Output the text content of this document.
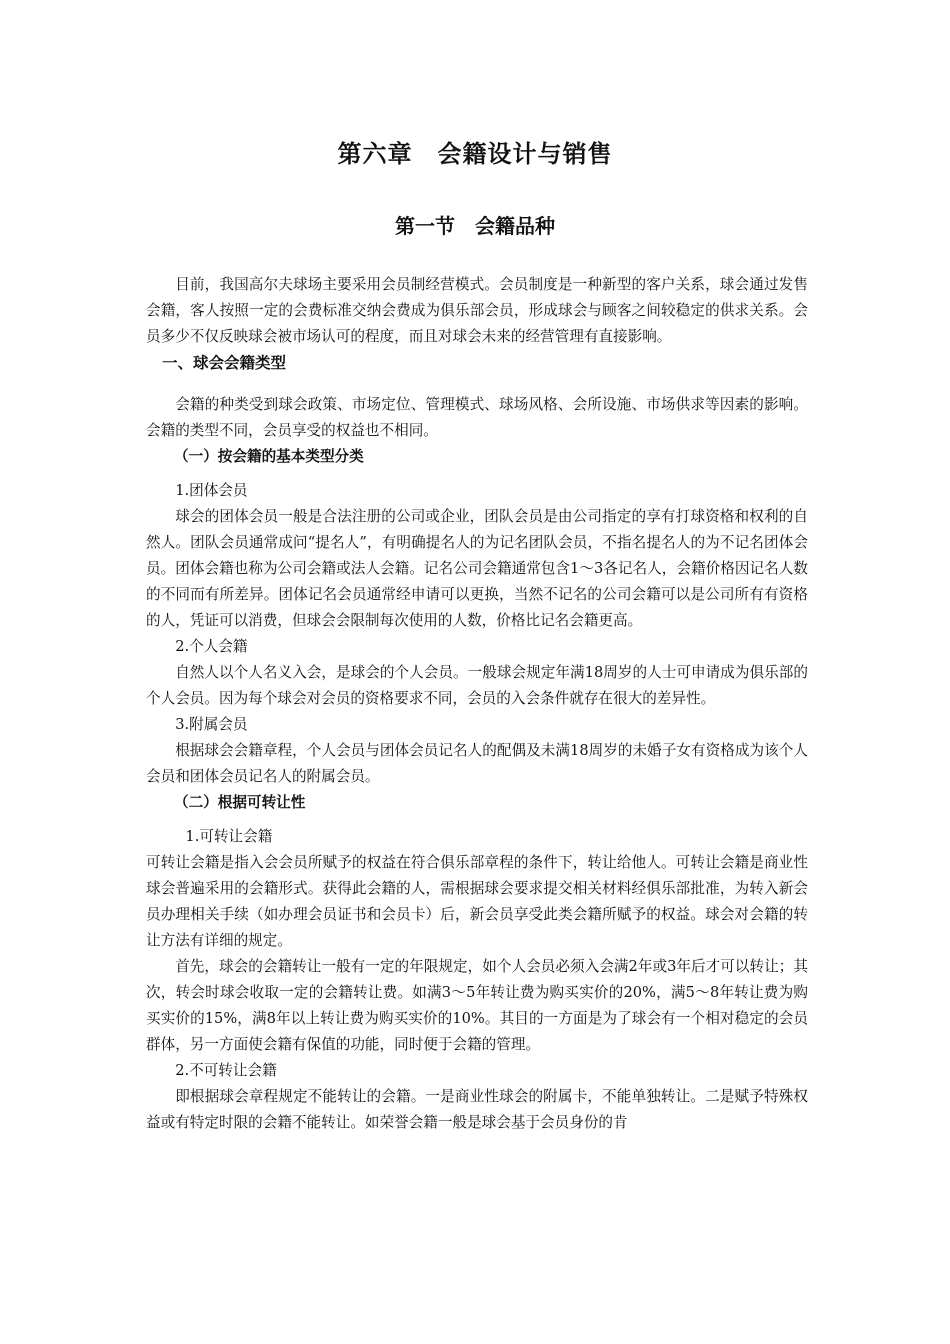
第六章　会籍设计与销售
第一节　会籍品种

目前，我国高尔夫球场主要采用会员制经营模式。会员制度是一种新型的客户关系，球会通过发售会籍，客人按照一定的会费标准交纳会费成为俱乐部会员，形成球会与顾客之间较稳定的供求关系。会员多少不仅反映球会被市场认可的程度，而且对球会未来的经营管理有直接影响。

一、球会会籍类型

会籍的种类受到球会政策、市场定位、管理模式、球场风格、会所设施、市场供求等因素的影响。会籍的类型不同，会员享受的权益也不相同。

（一）按会籍的基本类型分类

1.团体会员

球会的团体会员一般是合法注册的公司或企业，团队会员是由公司指定的享有打球资格和权利的自然人。团队会员通常成问“提名人”，有明确提名人的为记名团队会员，不指名提名人的为不记名团体会员。团体会籍也称为公司会籍或法人会籍。记名公司会籍通常包含1～3各记名人，会籍价格因记名人数的不同而有所差异。团体记名会员通常经申请可以更换，当然不记名的公司会籍可以是公司所有有资格的人，凭证可以消费，但球会会限制每次使用的人数，价格比记名会籍更高。

2.个人会籍

自然人以个人名义入会，是球会的个人会员。一般球会规定年满18周岁的人士可申请成为俱乐部的个人会员。因为每个球会对会员的资格要求不同，会员的入会条件就存在很大的差异性。

3.附属会员

根据球会会籍章程，个人会员与团体会员记名人的配偶及未满18周岁的未婚子女有资格成为该个人会员和团体会员记名人的附属会员。

（二）根据可转让性

1.可转让会籍

可转让会籍是指入会会员所赋予的权益在符合俱乐部章程的条件下，转让给他人。可转让会籍是商业性球会普遍采用的会籍形式。获得此会籍的人，需根据球会要求提交相关材料经俱乐部批准，为转入新会员办理相关手续（如办理会员证书和会员卡）后，新会员享受此类会籍所赋予的权益。球会对会籍的转让方法有详细的规定。

首先，球会的会籍转让一般有一定的年限规定，如个人会员必须入会满2年或3年后才可以转让；其次，转会时球会收取一定的会籍转让费。如满3～5年转让费为购买实价的20%，满5～8年转让费为购买实价的15%，满8年以上转让费为购买实价的10%。其目的一方面是为了球会有一个相对稳定的会员群体，另一方面使会籍有保值的功能，同时便于会籍的管理。

2.不可转让会籍

即根据球会章程规定不能转让的会籍。一是商业性球会的附属卡，不能单独转让。二是赋予特殊权益或有特定时限的会籍不能转让。如荣誉会籍一般是球会基于会员身份的肯
